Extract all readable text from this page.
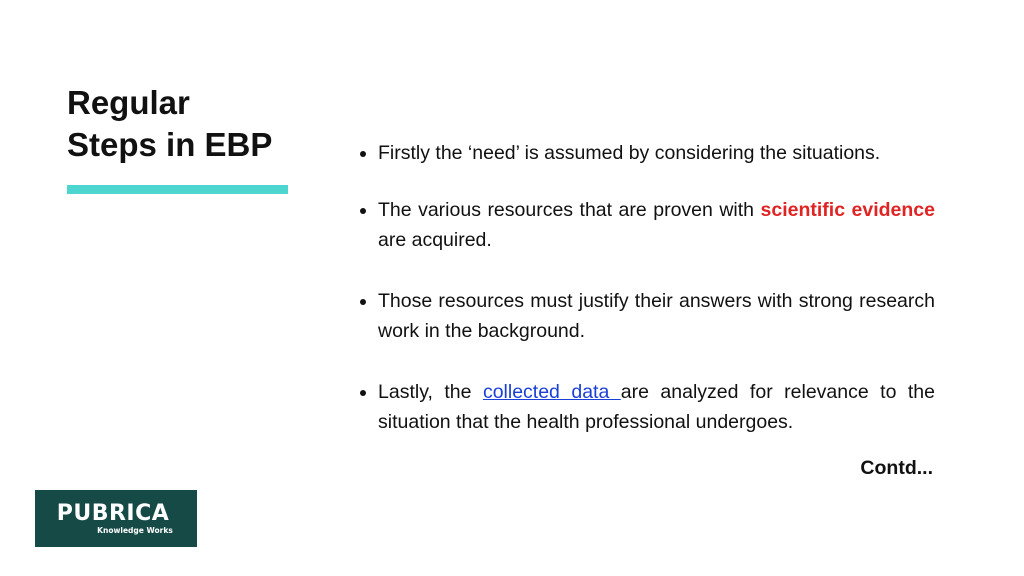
Regular
Steps in EBP	Firstly the ‘need’ is assumed by considering the situations.
The various resources that are proven with scientific evidence are acquired.
Those resources must justify their answers with strong research work in the background.
Lastly, the collected data are analyzed for relevance to the situation that the health professional undergoes.
Contd...
PUBRICA
Knowledge Works
